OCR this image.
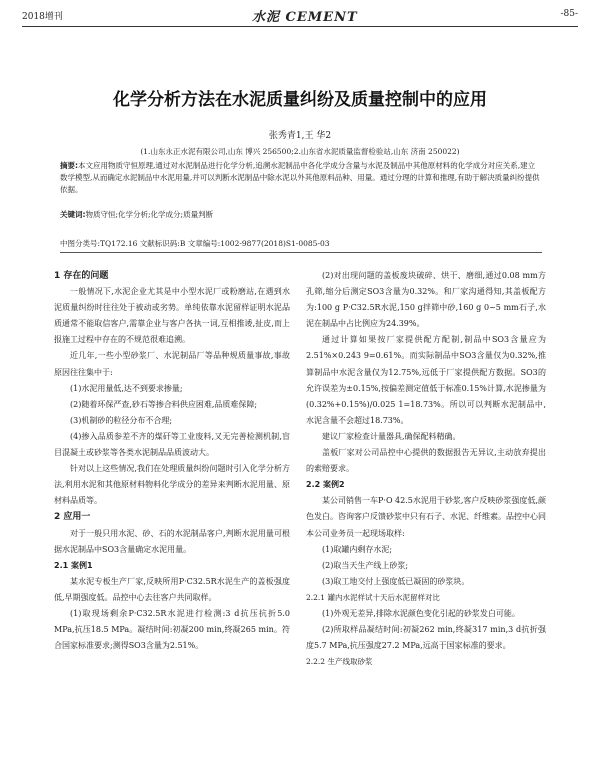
2018增刊	水泥 CEMENT	-85-
化学分析方法在水泥质量纠纷及质量控制中的应用
张秀青1,王 华2
(1.山东永正水泥有限公司,山东 博兴 256500;2.山东省水泥质量监督检验站,山东 济南 250022)
摘要:本文应用物质守恒原理,通过对水泥制品进行化学分析,追溯水泥制品中各化学成分含量与水泥及制品中其他原材料的化学成分对应关系,建立数学模型,从而确定水泥制品中水泥用量,并可以判断水泥制品中除水泥以外其他原料品种、用量。通过分理的计算和推理,有助于解决质量纠纷提供依据。
关键词:物质守恒;化学分析;化学成分;质量判断
中图分类号:TQ172.16 文献标识码:B 文章编号:1002-9877(2018)S1-0085-03

1 存在的问题

一般情况下,水泥企业尤其是中小型水泥厂或粉磨站,在遇到水泥质量纠纷时往往处于被动或劣势。单纯依靠水泥留样证明水泥品质通常不能取信客户,需靠企业与客户各执一词,互相推诿,扯皮,而上报施工过程中存在的不规范很难追溯。

近几年,一些小型砂浆厂、水泥制品厂等品种规质量事故,事故原因往往集中于:

(1)水泥用量低,达不到要求掺量;

(2)随着环保严查,砂石等掺合料供应困难,品质难保障;

(3)机制砂的粒径分布不合理;

(4)掺入品质参差不齐的煤矸等工业废料,又无完善检测机制,盲目混凝土或砂浆等各类水泥制品品质波动大。

针对以上这些情况,我们在处理质量纠纷问题时引入化学分析方法,利用水泥和其他原材料物料化学成分的差异来判断水泥用量、原材料品质等。

2 应用一

对于一般只用水泥、砂、石的水泥制品客户,判断水泥用量可根据水泥制品中SO3含量确定水泥用量。

2.1 案例1

某水泥专板生产厂家,反映所用P·C32.5R水泥生产的盖板强度低,早期强度低。品控中心去往客户共同取样。

(1)取现场剩余P·C32.5R水泥进行检测:3 d抗压抗折5.0 MPa,抗压18.5 MPa。凝结时间:初凝200 min,终凝265 min。符合国家标准要求;测得SO3含量为2.51%。

(2)对出现问题的盖板废块破碎、烘干、磨细,通过0.08 mm方孔筛,缩分后测定SO3含量为0.32%。和厂家沟通得知,其盖板配方为:100 g P·C32.5R水泥,150 g拌筛中砂,160 g 0~5 mm石子,水泥在制品中占比例应为24.39%。

通过计算如果按厂家提供配方配制,制品中SO3含量应为2.51%×0.243 9=0.61%。而实际制品中SO3含量仅为0.32%,推算制品中水泥含量仅为12.75%,远低于厂家提供配方数据。SO3的允许误差为±0.15%,按偏差测定值低于标准0.15%计算,水泥掺量为(0.32%+0.15%)/0.025 1=18.73%。所以可以判断水泥制品中,水泥含量不会超过18.73%。

建议厂家检查计量器具,确保配料精确。

盖板厂家对公司品控中心提供的数据报告无异议,主动放弃提出的索赔要求。

2.2 案例2

某公司销售一车P·O 42.5水泥用于砂浆,客户反映砂浆强度低,颜色发白。咨询客户反馈砂浆中只有石子、水泥、纤维素。品控中心同本公司业务员一起现场取样:

(1)取罐内剩存水泥;

(2)取当天生产线上砂浆;

(3)取工地交付上强度低已凝固的砂浆块。

2.2.1 罐内水泥样试十天后水泥留样对比

(1)外观无差异,排除水泥颜色变化引起的砂浆发白可能。

(2)所取样品凝结时间:初凝262 min,终凝317 min,3 d抗折强度5.7 MPa,抗压强度27.2 MPa,远高于国家标准的要求。

2.2.2 生产线取砂浆
